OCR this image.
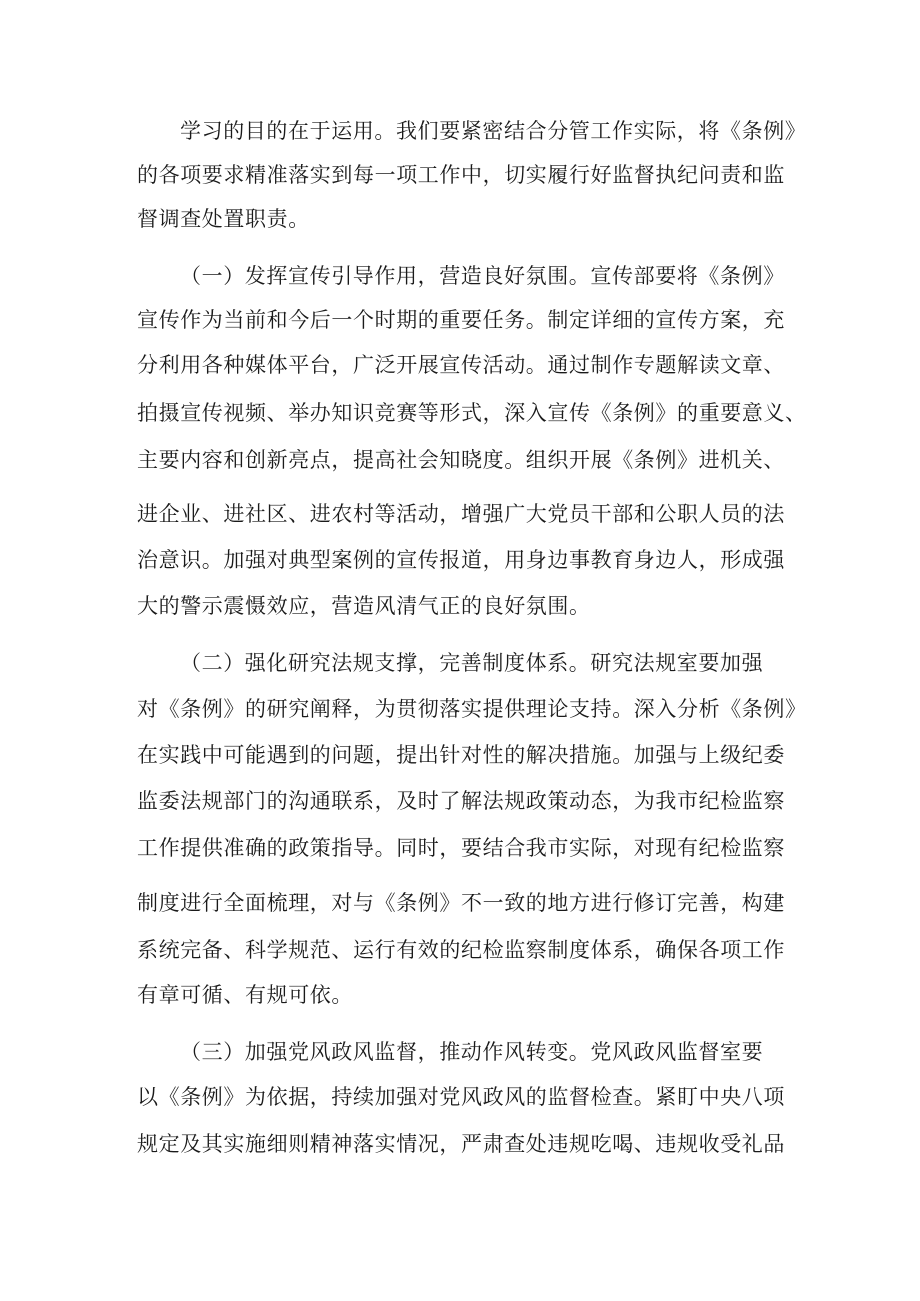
学习的目的在于运用。我们要紧密结合分管工作实际，将《条例》
的各项要求精准落实到每一项工作中，切实履行好监督执纪问责和监
督调查处置职责。
（一）发挥宣传引导作用，营造良好氛围。宣传部要将《条例》
宣传作为当前和今后一个时期的重要任务。制定详细的宣传方案，充
分利用各种媒体平台，广泛开展宣传活动。通过制作专题解读文章、
拍摄宣传视频、举办知识竞赛等形式，深入宣传《条例》的重要意义、
主要内容和创新亮点，提高社会知晓度。组织开展《条例》进机关、
进企业、进社区、进农村等活动，增强广大党员干部和公职人员的法
治意识。加强对典型案例的宣传报道，用身边事教育身边人，形成强
大的警示震慑效应，营造风清气正的良好氛围。
（二）强化研究法规支撑，完善制度体系。研究法规室要加强
对《条例》的研究阐释，为贯彻落实提供理论支持。深入分析《条例》
在实践中可能遇到的问题，提出针对性的解决措施。加强与上级纪委
监委法规部门的沟通联系，及时了解法规政策动态，为我市纪检监察
工作提供准确的政策指导。同时，要结合我市实际，对现有纪检监察
制度进行全面梳理，对与《条例》不一致的地方进行修订完善，构建
系统完备、科学规范、运行有效的纪检监察制度体系，确保各项工作
有章可循、有规可依。
（三）加强党风政风监督，推动作风转变。党风政风监督室要
以《条例》为依据，持续加强对党风政风的监督检查。紧盯中央八项
规定及其实施细则精神落实情况，严肃查处违规吃喝、违规收受礼品
